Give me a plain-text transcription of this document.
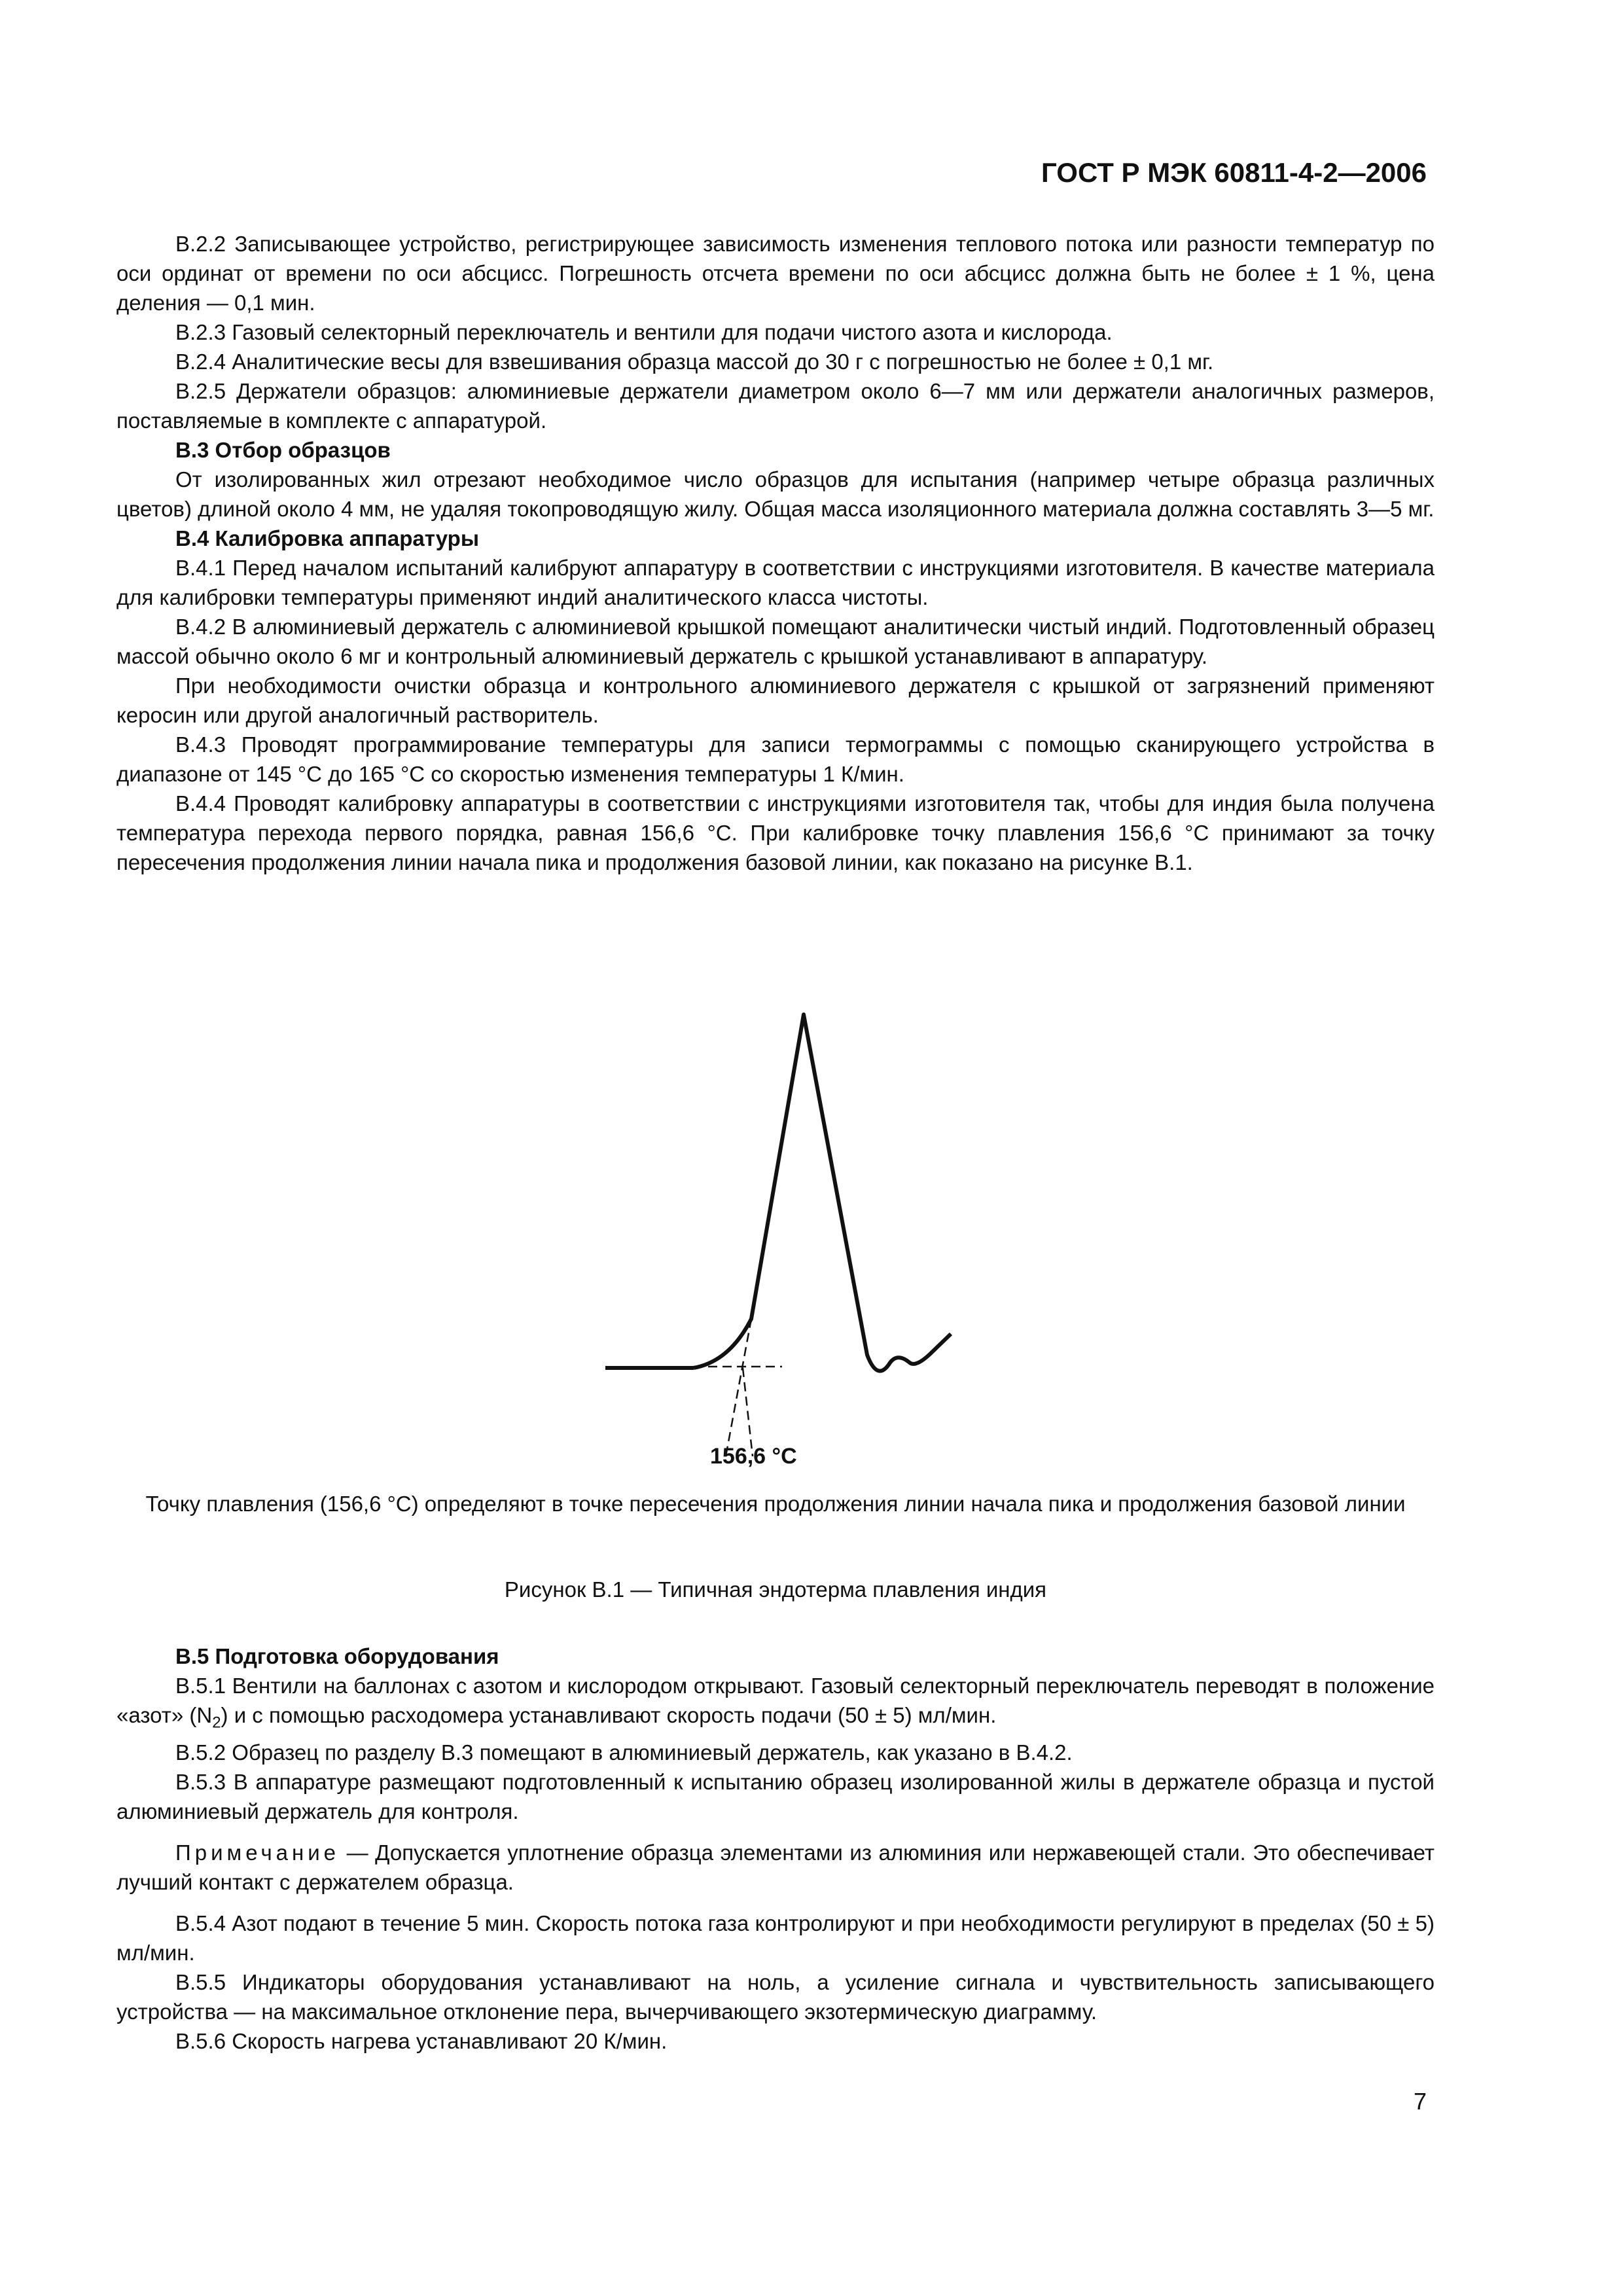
ГОСТ Р МЭК 60811-4-2—2006

В.2.2 Записывающее устройство, регистрирующее зависимость изменения теплового потока или разности температур по оси ординат от времени по оси абсцисс. Погрешность отсчета времени по оси абсцисс должна быть не более ± 1 %, цена деления — 0,1 мин.

В.2.3 Газовый селекторный переключатель и вентили для подачи чистого азота и кислорода.

В.2.4 Аналитические весы для взвешивания образца массой до 30 г с погрешностью не более ± 0,1 мг.

В.2.5 Держатели образцов: алюминиевые держатели диаметром около 6—7 мм или держатели аналогичных размеров, поставляемые в комплекте с аппаратурой.

В.3 Отбор образцов

От изолированных жил отрезают необходимое число образцов для испытания (например четыре образца различных цветов) длиной около 4 мм, не удаляя токопроводящую жилу. Общая масса изоляционного материала должна составлять 3—5 мг.

В.4 Калибровка аппаратуры

В.4.1 Перед началом испытаний калибруют аппаратуру в соответствии с инструкциями изготовителя. В качестве материала для калибровки температуры применяют индий аналитического класса чистоты.

В.4.2 В алюминиевый держатель с алюминиевой крышкой помещают аналитически чистый индий. Подготовленный образец массой обычно около 6 мг и контрольный алюминиевый держатель с крышкой устанавливают в аппаратуру.

При необходимости очистки образца и контрольного алюминиевого держателя с крышкой от загрязнений применяют керосин или другой аналогичный растворитель.

В.4.3 Проводят программирование температуры для записи термограммы с помощью сканирующего устройства в диапазоне от 145 °С до 165 °С со скоростью изменения температуры 1 К/мин.

В.4.4 Проводят калибровку аппаратуры в соответствии с инструкциями изготовителя так, чтобы для индия была получена температура перехода первого порядка, равная 156,6 °С. При калибровке точку плавления 156,6 °С принимают за точку пересечения продолжения линии начала пика и продолжения базовой линии, как показано на рисунке В.1.

156,6 °С
Точку плавления (156,6 °С) определяют в точке пересечения продолжения линии начала пика и продолжения базовой линии
Рисунок В.1 — Типичная эндотерма плавления индия

В.5 Подготовка оборудования

В.5.1 Вентили на баллонах с азотом и кислородом открывают. Газовый селекторный переключатель переводят в положение «азот» $(N_2)$ и с помощью расходомера устанавливают скорость подачи (50 ± 5) мл/мин.

В.5.2 Образец по разделу В.3 помещают в алюминиевый держатель, как указано в В.4.2.

В.5.3 В аппаратуре размещают подготовленный к испытанию образец изолированной жилы в держателе образца и пустой алюминиевый держатель для контроля.

Примечание — Допускается уплотнение образца элементами из алюминия или нержавеющей стали. Это обеспечивает лучший контакт с держателем образца.

В.5.4 Азот подают в течение 5 мин. Скорость потока газа контролируют и при необходимости регулируют в пределах (50 ± 5) мл/мин.

В.5.5 Индикаторы оборудования устанавливают на ноль, а усиление сигнала и чувствительность записывающего устройства — на максимальное отклонение пера, вычерчивающего экзотермическую диаграмму.

В.5.6 Скорость нагрева устанавливают 20 К/мин.

7
